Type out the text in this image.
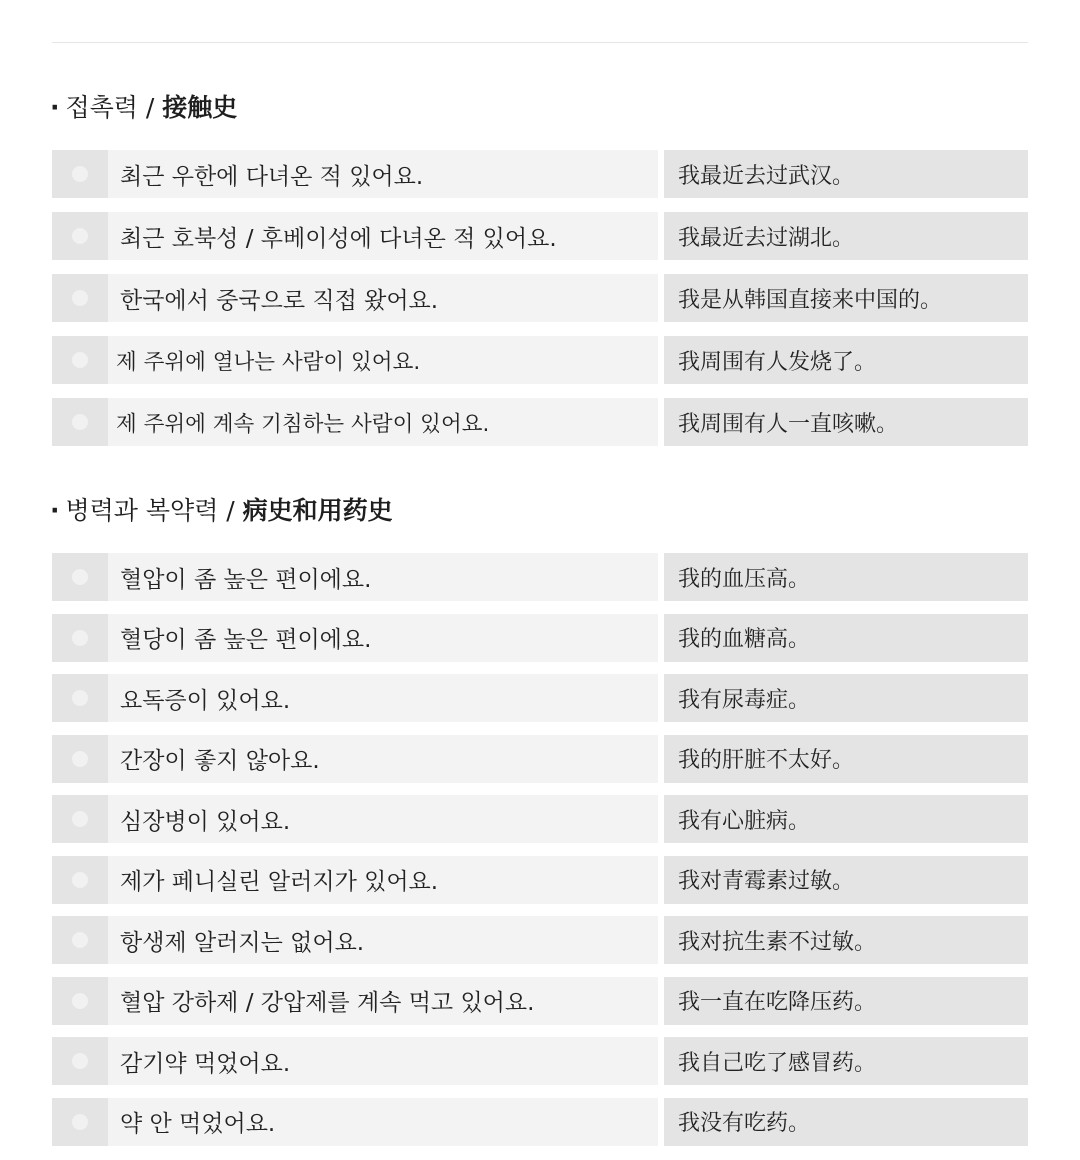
· 접촉력 / 接触史
최근 우한에 다녀온 적 있어요.	我最近去过武汉。
최근 호북성 / 후베이성에 다녀온 적 있어요.	我最近去过湖北。
한국에서 중국으로 직접 왔어요.	我是从韩国直接来中国的。
제 주위에 열나는 사람이 있어요.	我周围有人发烧了。
제 주위에 계속 기침하는 사람이 있어요.	我周围有人一直咳嗽。
· 병력과 복약력 / 病史和用药史
혈압이 좀 높은 편이에요.	我的血压高。
혈당이 좀 높은 편이에요.	我的血糖高。
요독증이 있어요.	我有尿毒症。
간장이 좋지 않아요.	我的肝脏不太好。
심장병이 있어요.	我有心脏病。
제가 페니실린 알러지가 있어요.	我对青霉素过敏。
항생제 알러지는 없어요.	我对抗生素不过敏。
혈압 강하제 / 강압제를 계속 먹고 있어요.	我一直在吃降压药。
감기약 먹었어요.	我自己吃了感冒药。
약 안 먹었어요.	我没有吃药。
